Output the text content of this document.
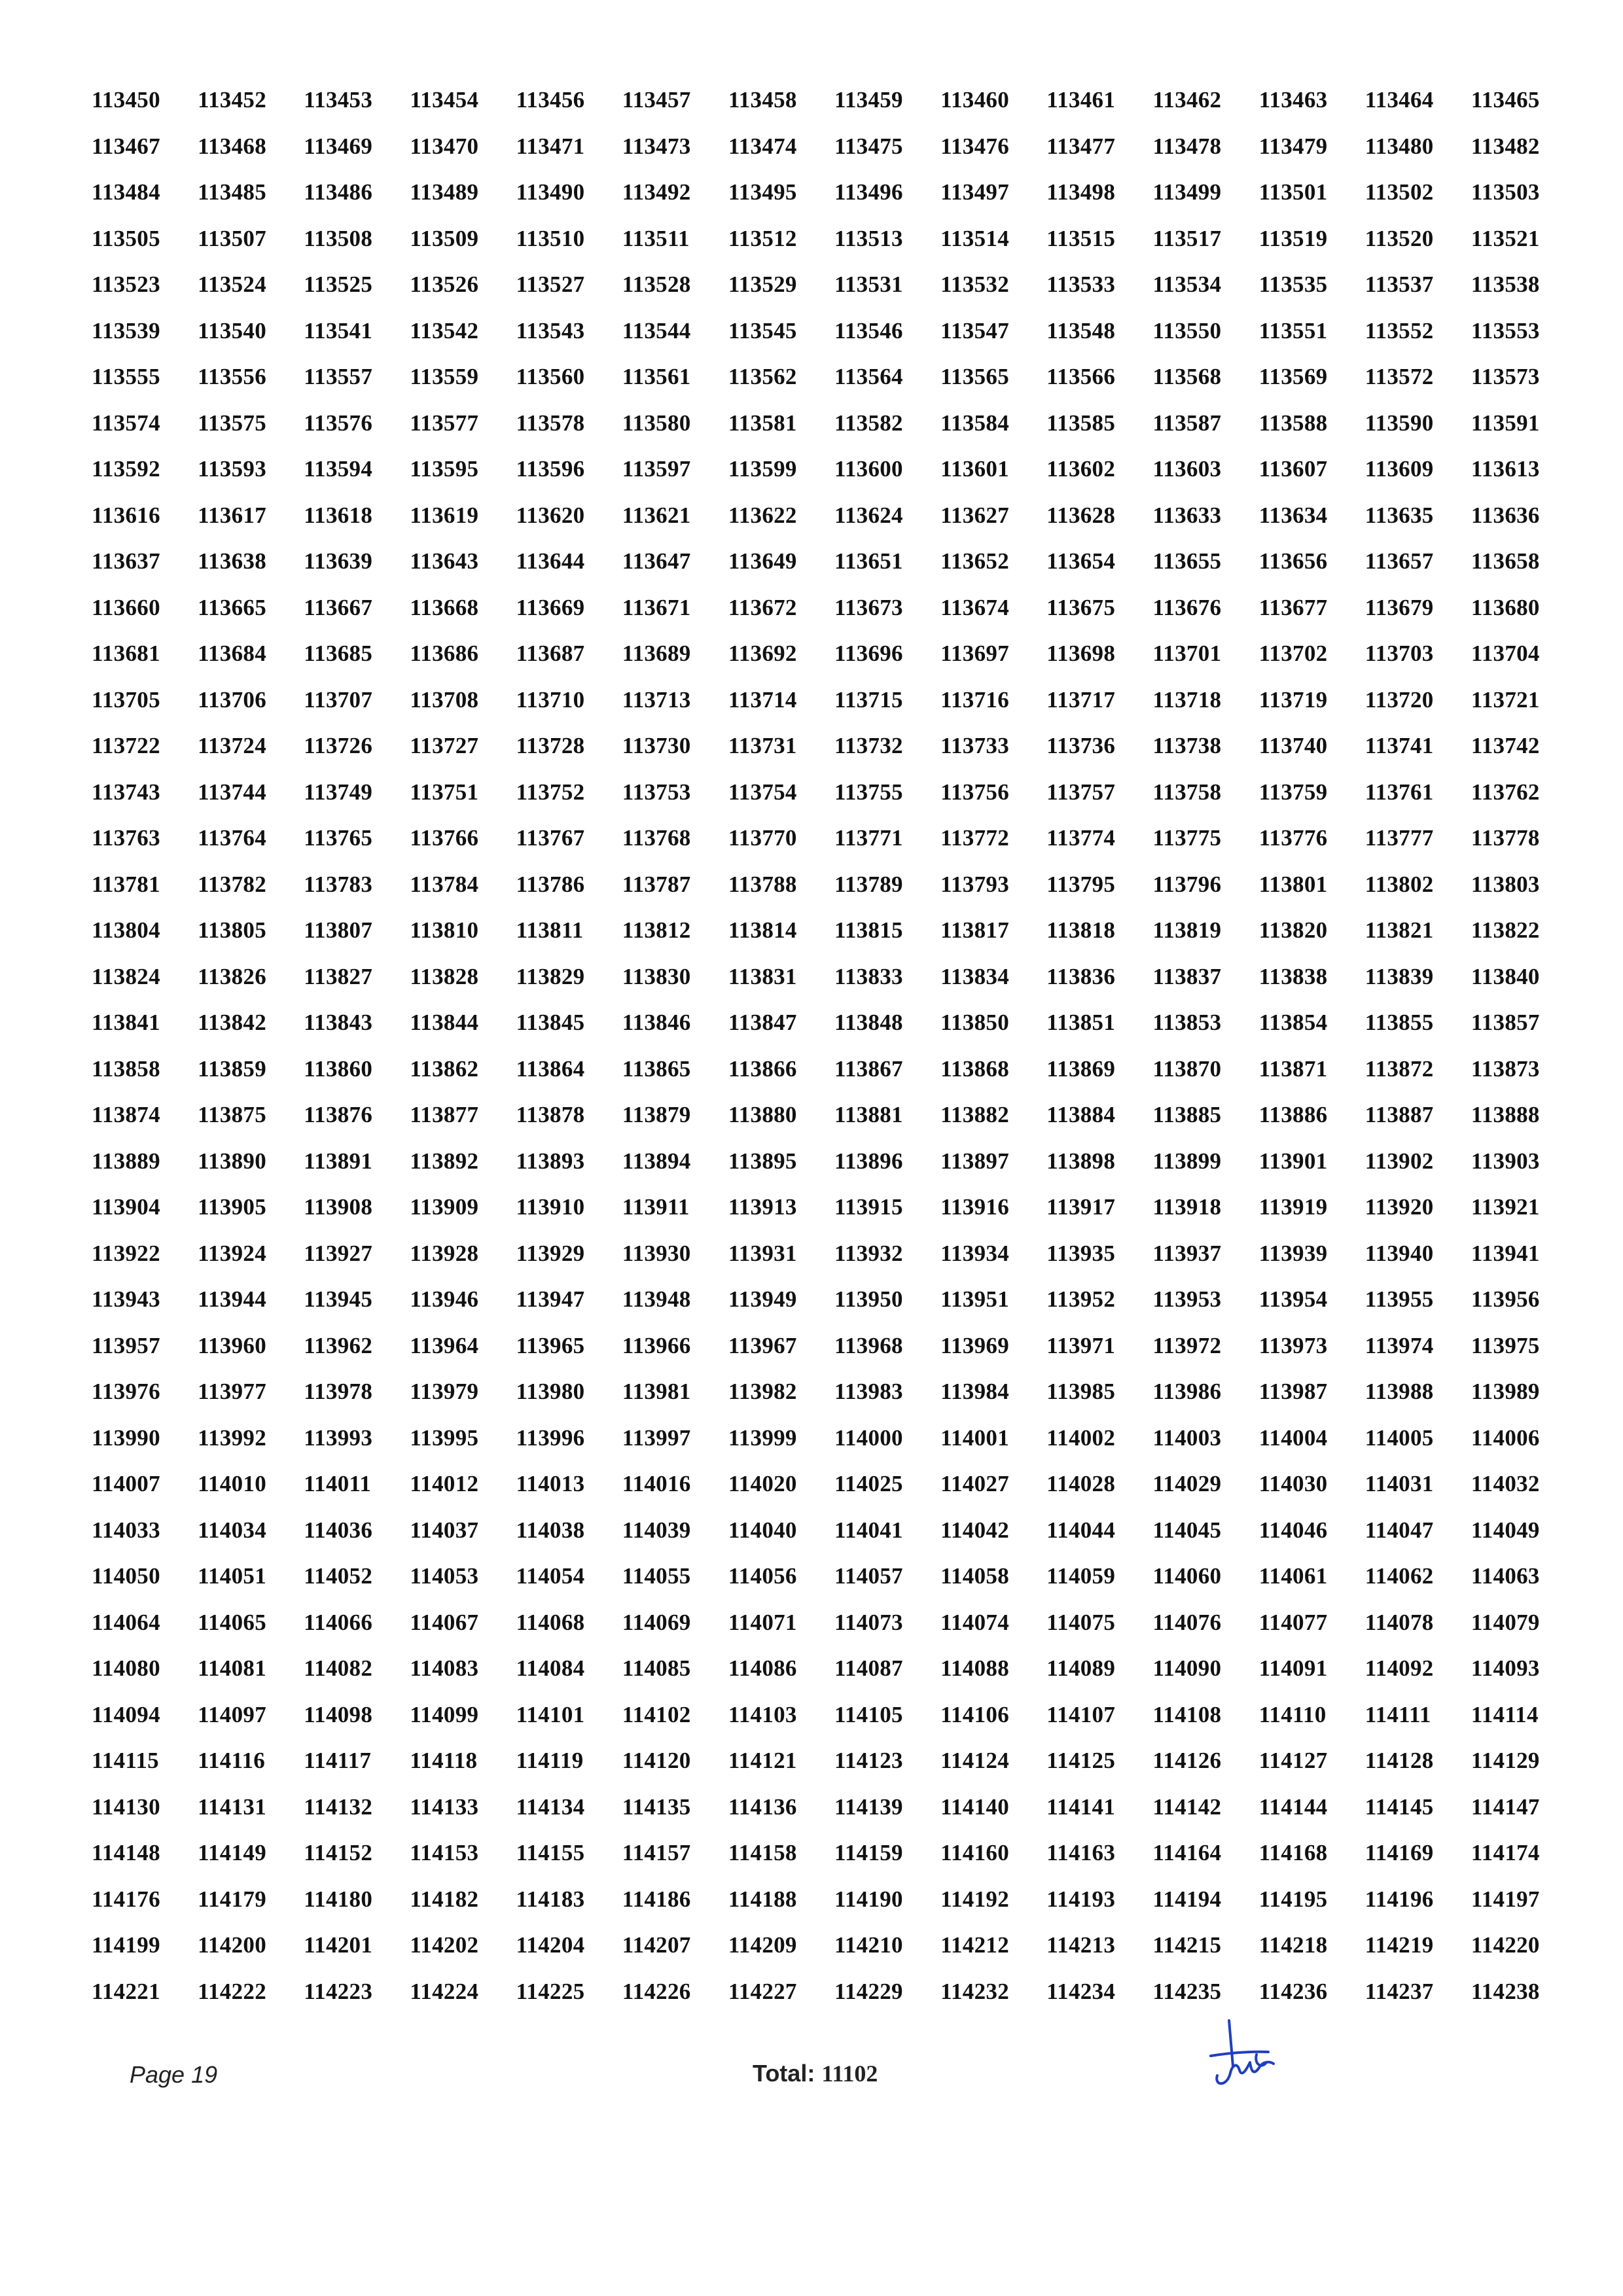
113450	113452	113453	113454	113456	113457	113458	113459	113460	113461	113462	113463	113464	113465
113467	113468	113469	113470	113471	113473	113474	113475	113476	113477	113478	113479	113480	113482
113484	113485	113486	113489	113490	113492	113495	113496	113497	113498	113499	113501	113502	113503
113505	113507	113508	113509	113510	113511	113512	113513	113514	113515	113517	113519	113520	113521
113523	113524	113525	113526	113527	113528	113529	113531	113532	113533	113534	113535	113537	113538
113539	113540	113541	113542	113543	113544	113545	113546	113547	113548	113550	113551	113552	113553
113555	113556	113557	113559	113560	113561	113562	113564	113565	113566	113568	113569	113572	113573
113574	113575	113576	113577	113578	113580	113581	113582	113584	113585	113587	113588	113590	113591
113592	113593	113594	113595	113596	113597	113599	113600	113601	113602	113603	113607	113609	113613
113616	113617	113618	113619	113620	113621	113622	113624	113627	113628	113633	113634	113635	113636
113637	113638	113639	113643	113644	113647	113649	113651	113652	113654	113655	113656	113657	113658
113660	113665	113667	113668	113669	113671	113672	113673	113674	113675	113676	113677	113679	113680
113681	113684	113685	113686	113687	113689	113692	113696	113697	113698	113701	113702	113703	113704
113705	113706	113707	113708	113710	113713	113714	113715	113716	113717	113718	113719	113720	113721
113722	113724	113726	113727	113728	113730	113731	113732	113733	113736	113738	113740	113741	113742
113743	113744	113749	113751	113752	113753	113754	113755	113756	113757	113758	113759	113761	113762
113763	113764	113765	113766	113767	113768	113770	113771	113772	113774	113775	113776	113777	113778
113781	113782	113783	113784	113786	113787	113788	113789	113793	113795	113796	113801	113802	113803
113804	113805	113807	113810	113811	113812	113814	113815	113817	113818	113819	113820	113821	113822
113824	113826	113827	113828	113829	113830	113831	113833	113834	113836	113837	113838	113839	113840
113841	113842	113843	113844	113845	113846	113847	113848	113850	113851	113853	113854	113855	113857
113858	113859	113860	113862	113864	113865	113866	113867	113868	113869	113870	113871	113872	113873
113874	113875	113876	113877	113878	113879	113880	113881	113882	113884	113885	113886	113887	113888
113889	113890	113891	113892	113893	113894	113895	113896	113897	113898	113899	113901	113902	113903
113904	113905	113908	113909	113910	113911	113913	113915	113916	113917	113918	113919	113920	113921
113922	113924	113927	113928	113929	113930	113931	113932	113934	113935	113937	113939	113940	113941
113943	113944	113945	113946	113947	113948	113949	113950	113951	113952	113953	113954	113955	113956
113957	113960	113962	113964	113965	113966	113967	113968	113969	113971	113972	113973	113974	113975
113976	113977	113978	113979	113980	113981	113982	113983	113984	113985	113986	113987	113988	113989
113990	113992	113993	113995	113996	113997	113999	114000	114001	114002	114003	114004	114005	114006
114007	114010	114011	114012	114013	114016	114020	114025	114027	114028	114029	114030	114031	114032
114033	114034	114036	114037	114038	114039	114040	114041	114042	114044	114045	114046	114047	114049
114050	114051	114052	114053	114054	114055	114056	114057	114058	114059	114060	114061	114062	114063
114064	114065	114066	114067	114068	114069	114071	114073	114074	114075	114076	114077	114078	114079
114080	114081	114082	114083	114084	114085	114086	114087	114088	114089	114090	114091	114092	114093
114094	114097	114098	114099	114101	114102	114103	114105	114106	114107	114108	114110	114111	114114
114115	114116	114117	114118	114119	114120	114121	114123	114124	114125	114126	114127	114128	114129
114130	114131	114132	114133	114134	114135	114136	114139	114140	114141	114142	114144	114145	114147
114148	114149	114152	114153	114155	114157	114158	114159	114160	114163	114164	114168	114169	114174
114176	114179	114180	114182	114183	114186	114188	114190	114192	114193	114194	114195	114196	114197
114199	114200	114201	114202	114204	114207	114209	114210	114212	114213	114215	114218	114219	114220
114221	114222	114223	114224	114225	114226	114227	114229	114232	114234	114235	114236	114237	114238
Page 19	Total: 11102
